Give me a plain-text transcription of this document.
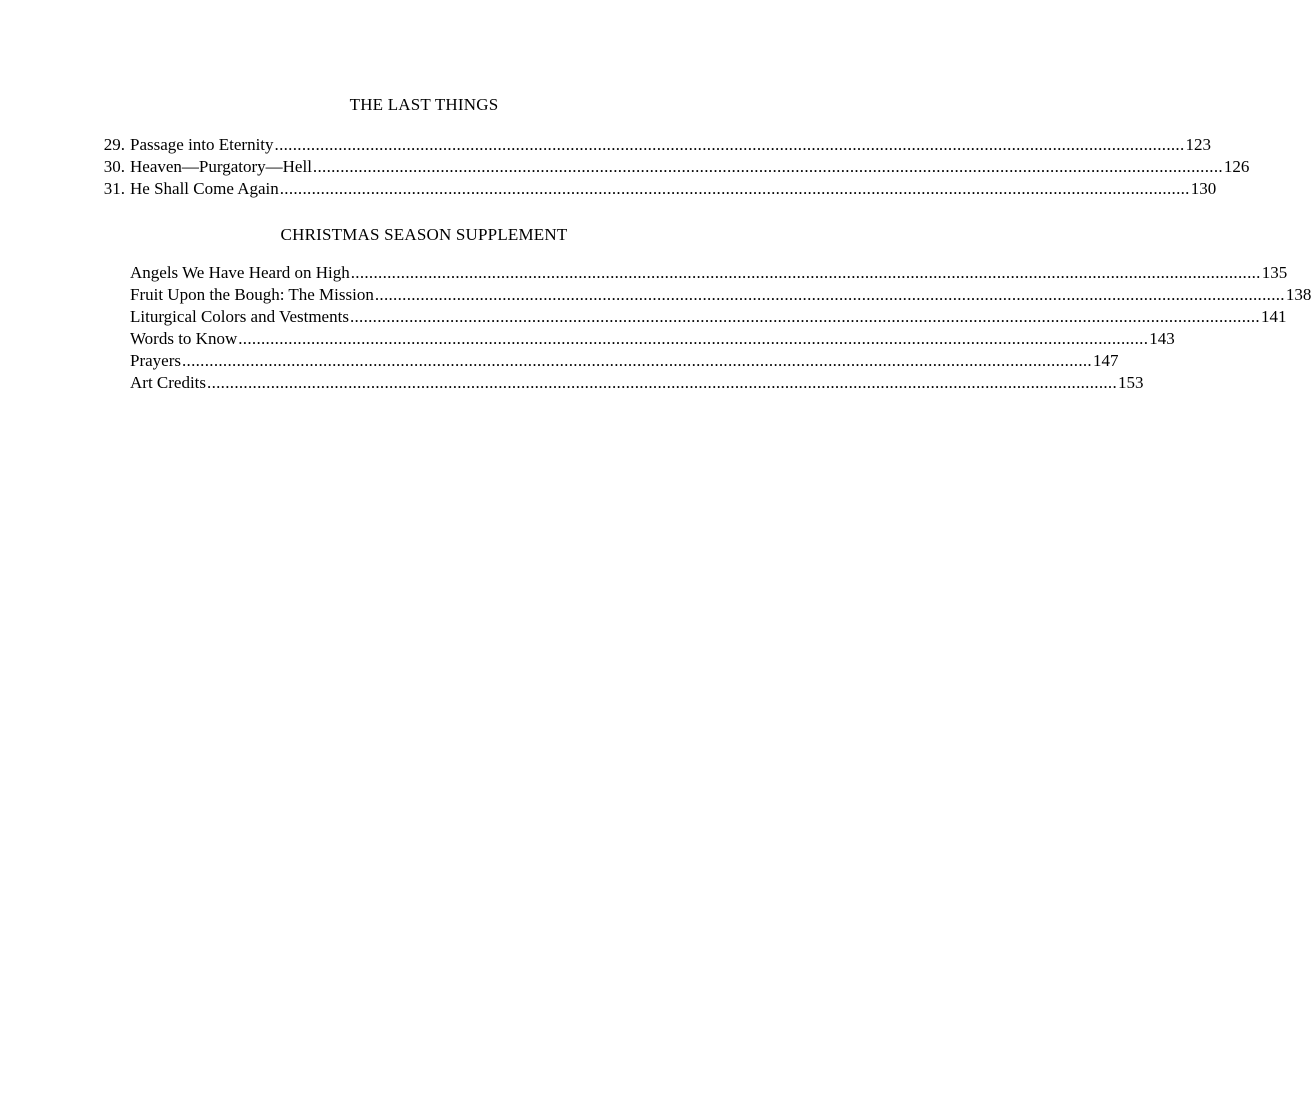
THE LAST THINGS
29. Passage into Eternity ........................................................................................................................................................................................................ 123
30. Heaven—Purgatory—Hell ........................................................................................................................................................................................................ 126
31. He Shall Come Again ........................................................................................................................................................................................................ 130
CHRISTMAS SEASON SUPPLEMENT
Angels We Have Heard on High ........................................................................................................................................................................................................ 135
Fruit Upon the Bough: The Mission ........................................................................................................................................................................................................ 138
Liturgical Colors and Vestments ........................................................................................................................................................................................................ 141
Words to Know ........................................................................................................................................................................................................ 143
Prayers ........................................................................................................................................................................................................ 147
Art Credits ........................................................................................................................................................................................................ 153
